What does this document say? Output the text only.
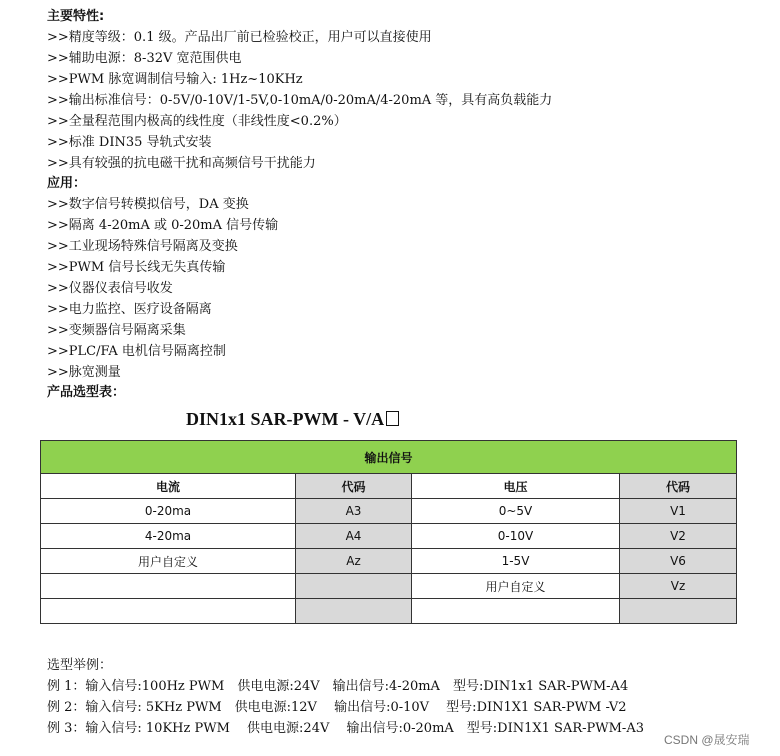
主要特性:
>>精度等级：0.1 级。产品出厂前已检验校正，用户可以直接使用
>>辅助电源：8-32V 宽范围供电
>>PWM 脉宽调制信号输入: 1Hz~10KHz
>>输出标准信号：0-5V/0-10V/1-5V,0-10mA/0-20mA/4-20mA 等，具有高负载能力
>>全量程范围内极高的线性度（非线性度<0.2%）
>>标准 DIN35 导轨式安装
>>具有较强的抗电磁干扰和高频信号干扰能力
应用：
>>数字信号转模拟信号，DA 变换
>>隔离 4-20mA 或 0-20mA 信号传输
>>工业现场特殊信号隔离及变换
>>PWM 信号长线无失真传输
>>仪器仪表信号收发
>>电力监控、医疗设备隔离
>>变频器信号隔离采集
>>PLC/FA 电机信号隔离控制
>>脉宽测量
产品选型表：
DIN1x1 SAR-PWM - V/A
输出信号			
电流	代码	电压	代码
0-20ma	A3	0~5V	V1
4-20ma	A4	0-10V	V2
用户自定义	Az	1-5V	V6
		用户自定义	Vz

选型举例：
例 1：输入信号:100Hz PWM　供电电源:24V　输出信号:4-20mA　型号:DIN1x1 SAR-PWM-A4
例 2：输入信号: 5KHz PWM　供电电源:12V　 输出信号:0-10V　 型号:DIN1X1 SAR-PWM -V2
例 3：输入信号: 10KHz PWM　 供电电源:24V　 输出信号:0-20mA　型号:DIN1X1 SAR-PWM-A3
CSDN @晟安瑞
